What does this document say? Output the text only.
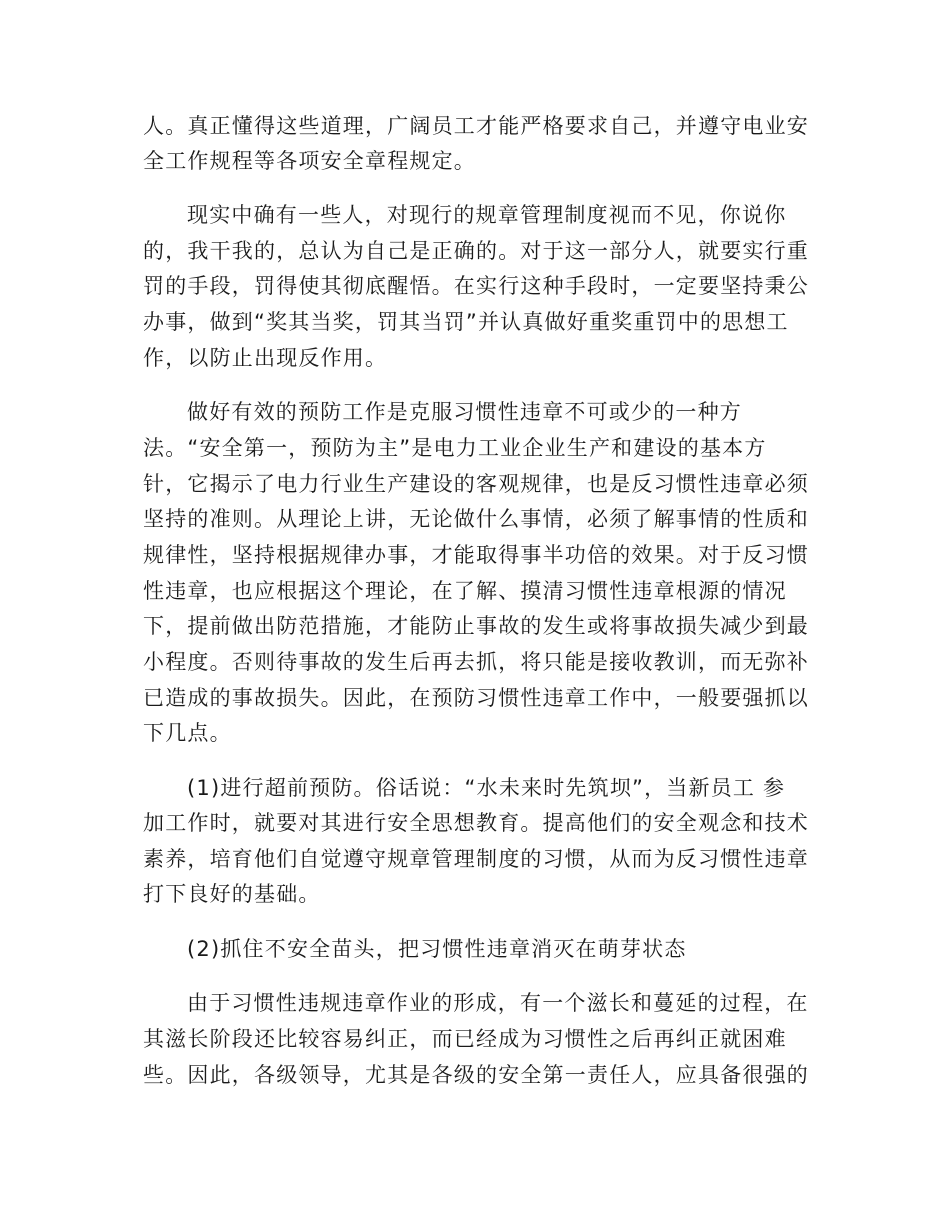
人。真正懂得这些道理，广阔员工才能严格要求自己，并遵守电业安
全工作规程等各项安全章程规定。
现实中确有一些人，对现行的规章管理制度视而不见，你说你
的，我干我的，总认为自己是正确的。对于这一部分人，就要实行重
罚的手段，罚得使其彻底醒悟。在实行这种手段时，一定要坚持秉公
办事，做到“奖其当奖，罚其当罚”并认真做好重奖重罚中的思想工
作，以防止出现反作用。
做好有效的预防工作是克服习惯性违章不可或少的一种方
法。“安全第一，预防为主”是电力工业企业生产和建设的基本方
针，它揭示了电力行业生产建设的客观规律，也是反习惯性违章必须
坚持的准则。从理论上讲，无论做什么事情，必须了解事情的性质和
规律性，坚持根据规律办事，才能取得事半功倍的效果。对于反习惯
性违章，也应根据这个理论，在了解、摸清习惯性违章根源的情况
下，提前做出防范措施，才能防止事故的发生或将事故损失减少到最
小程度。否则待事故的发生后再去抓，将只能是接收教训，而无弥补
已造成的事故损失。因此，在预防习惯性违章工作中，一般要强抓以
下几点。
(1)进行超前预防。俗话说：“水未来时先筑坝”，当新员工 参
加工作时，就要对其进行安全思想教育。提高他们的安全观念和技术
素养，培育他们自觉遵守规章管理制度的习惯，从而为反习惯性违章
打下良好的基础。
(2)抓住不安全苗头，把习惯性违章消灭在萌芽状态
由于习惯性违规违章作业的形成，有一个滋长和蔓延的过程，在
其滋长阶段还比较容易纠正，而已经成为习惯性之后再纠正就困难
些。因此，各级领导，尤其是各级的安全第一责任人，应具备很强的
